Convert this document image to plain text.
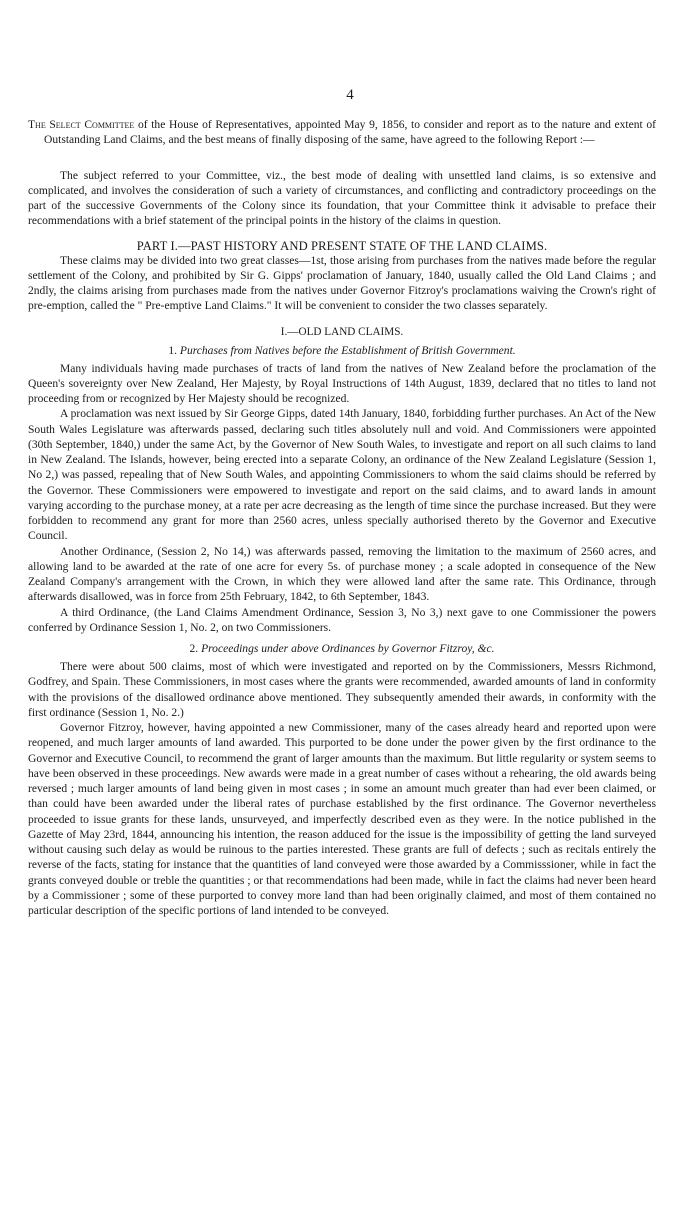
4

The Select Committee of the House of Representatives, appointed May 9, 1856, to consider and report as to the nature and extent of Outstanding Land Claims, and the best means of finally disposing of the same, have agreed to the following Report :—

The subject referred to your Committee, viz., the best mode of dealing with unsettled land claims, is so extensive and complicated, and involves the consideration of such a variety of circumstances, and conflicting and contradictory proceedings on the part of the successive Governments of the Colony since its foundation, that your Committee think it advisable to preface their recommendations with a brief statement of the principal points in the history of the claims in question.

PART I.—PAST HISTORY AND PRESENT STATE OF THE LAND CLAIMS.

These claims may be divided into two great classes—1st, those arising from purchases from the natives made before the regular settlement of the Colony, and prohibited by Sir G. Gipps' proclamation of January, 1840, usually called the Old Land Claims ; and 2ndly, the claims arising from purchases made from the natives under Governor Fitzroy's proclamations waiving the Crown's right of pre-emption, called the " Pre-emptive Land Claims." It will be convenient to consider the two classes separately.

I.—OLD LAND CLAIMS.
1. Purchases from Natives before the Establishment of British Government.

Many individuals having made purchases of tracts of land from the natives of New Zealand before the proclamation of the Queen's sovereignty over New Zealand, Her Majesty, by Royal Instructions of 14th August, 1839, declared that no titles to land not proceeding from or recognized by Her Majesty should be recognized.

A proclamation was next issued by Sir George Gipps, dated 14th January, 1840, forbidding further purchases. An Act of the New South Wales Legislature was afterwards passed, declaring such titles absolutely null and void. And Commissioners were appointed (30th September, 1840,) under the same Act, by the Governor of New South Wales, to investigate and report on all such claims to land in New Zealand. The Islands, however, being erected into a separate Colony, an ordinance of the New Zealand Legislature (Session 1, No 2,) was passed, repealing that of New South Wales, and appointing Commissioners to whom the said claims should be referred by the Governor. These Commissioners were empowered to investigate and report on the said claims, and to award lands in amount varying according to the purchase money, at a rate per acre decreasing as the length of time since the purchase increased. But they were forbidden to recommend any grant for more than 2560 acres, unless specially authorised thereto by the Governor and Executive Council.

Another Ordinance, (Session 2, No 14,) was afterwards passed, removing the limitation to the maximum of 2560 acres, and allowing land to be awarded at the rate of one acre for every 5s. of purchase money ; a scale adopted in consequence of the New Zealand Company's arrangement with the Crown, in which they were allowed land after the same rate. This Ordinance, through afterwards disallowed, was in force from 25th February, 1842, to 6th September, 1843.

A third Ordinance, (the Land Claims Amendment Ordinance, Session 3, No 3,) next gave to one Commissioner the powers conferred by Ordinance Session 1, No. 2, on two Commissioners.

2. Proceedings under above Ordinances by Governor Fitzroy, &c.

There were about 500 claims, most of which were investigated and reported on by the Commissioners, Messrs Richmond, Godfrey, and Spain. These Commissioners, in most cases where the grants were recommended, awarded amounts of land in conformity with the provisions of the disallowed ordinance above mentioned. They subsequently amended their awards, in conformity with the first ordinance (Session 1, No. 2.)

Governor Fitzroy, however, having appointed a new Commissioner, many of the cases already heard and reported upon were reopened, and much larger amounts of land awarded. This purported to be done under the power given by the first ordinance to the Governor and Executive Council, to recommend the grant of larger amounts than the maximum. But little regularity or system seems to have been observed in these proceedings. New awards were made in a great number of cases without a rehearing, the old awards being reversed ; much larger amounts of land being given in most cases ; in some an amount much greater than had ever been claimed, or than could have been awarded under the liberal rates of purchase established by the first ordinance. The Governor nevertheless proceeded to issue grants for these lands, unsurveyed, and imperfectly described even as they were. In the notice published in the Gazette of May 23rd, 1844, announcing his intention, the reason adduced for the issue is the impossibility of getting the land surveyed without causing such delay as would be ruinous to the parties interested. These grants are full of defects ; such as recitals entirely the reverse of the facts, stating for instance that the quantities of land conveyed were those awarded by a Commisssioner, while in fact the grants conveyed double or treble the quantities ; or that recommendations had been made, while in fact the claims had never been heard by a Commissioner ; some of these purported to convey more land than had been originally claimed, and most of them contained no particular description of the specific portions of land intended to be conveyed.
